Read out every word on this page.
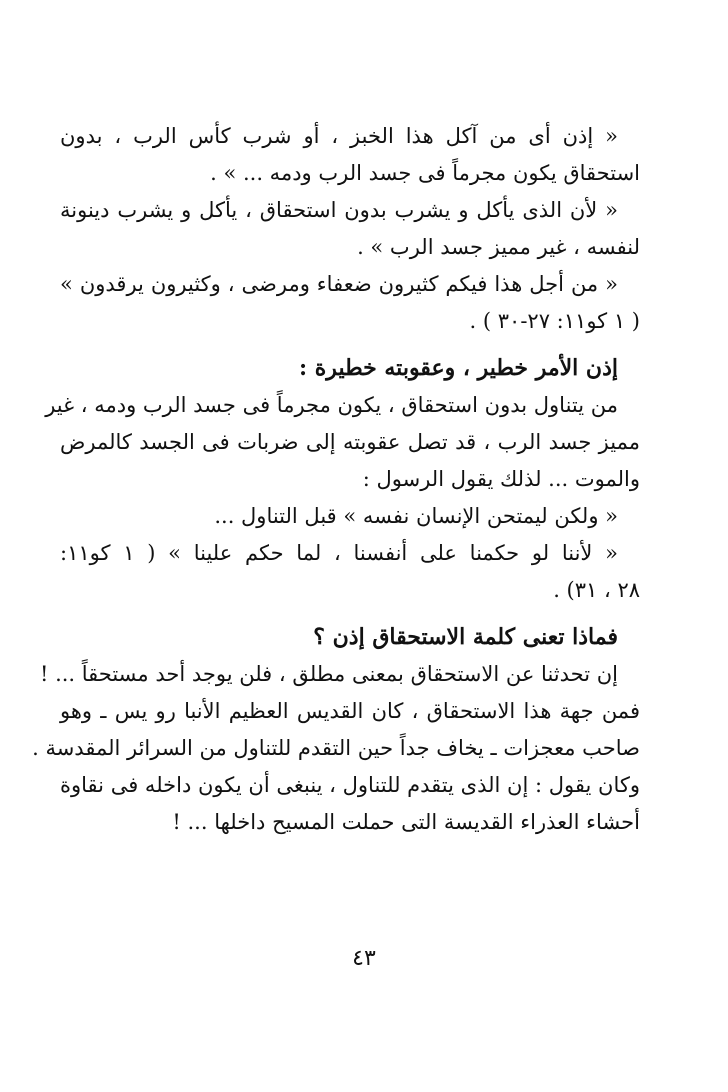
« إذن أى من آكل هذا الخبز ، أو شرب كأس الرب ، بدون
استحقاق يكون مجرماً فى جسد الرب ودمه ... » .
« لأن الذى يأكل و يشرب بدون استحقاق ، يأكل و يشرب دينونة
لنفسه ، غير مميز جسد الرب » .
« من أجل هذا فيكم كثيرون ضعفاء ومرضى ، وكثيرون يرقدون »
( ١ كو١١: ٢٧-٣٠ ) .
إذن الأمر خطير ، وعقوبته خطيرة :
من يتناول بدون استحقاق ، يكون مجرماً فى جسد الرب ودمه ، غير
مميز جسد الرب ، قد تصل عقوبته إلى ضربات فى الجسد كالمرض
والموت ... لذلك يقول الرسول :
« ولكن ليمتحن الإنسان نفسه » قبل التناول ...
« لأننا لو حكمنا على أنفسنا ، لما حكم علينا » ( ١ كو١١:
٢٨ ، ٣١) .
فماذا تعنى كلمة الاستحقاق إذن ؟
إن تحدثنا عن الاستحقاق بمعنى مطلق ، فلن يوجد أحد مستحقاً ... !
فمن جهة هذا الاستحقاق ، كان القديس العظيم الأنبا رو يس ـ وهو
صاحب معجزات ـ يخاف جداً حين التقدم للتناول من السرائر المقدسة .
وكان يقول : إن الذى يتقدم للتناول ، ينبغى أن يكون داخله فى نقاوة
أحشاء العذراء القديسة التى حملت المسيح داخلها ... !
٤٣
